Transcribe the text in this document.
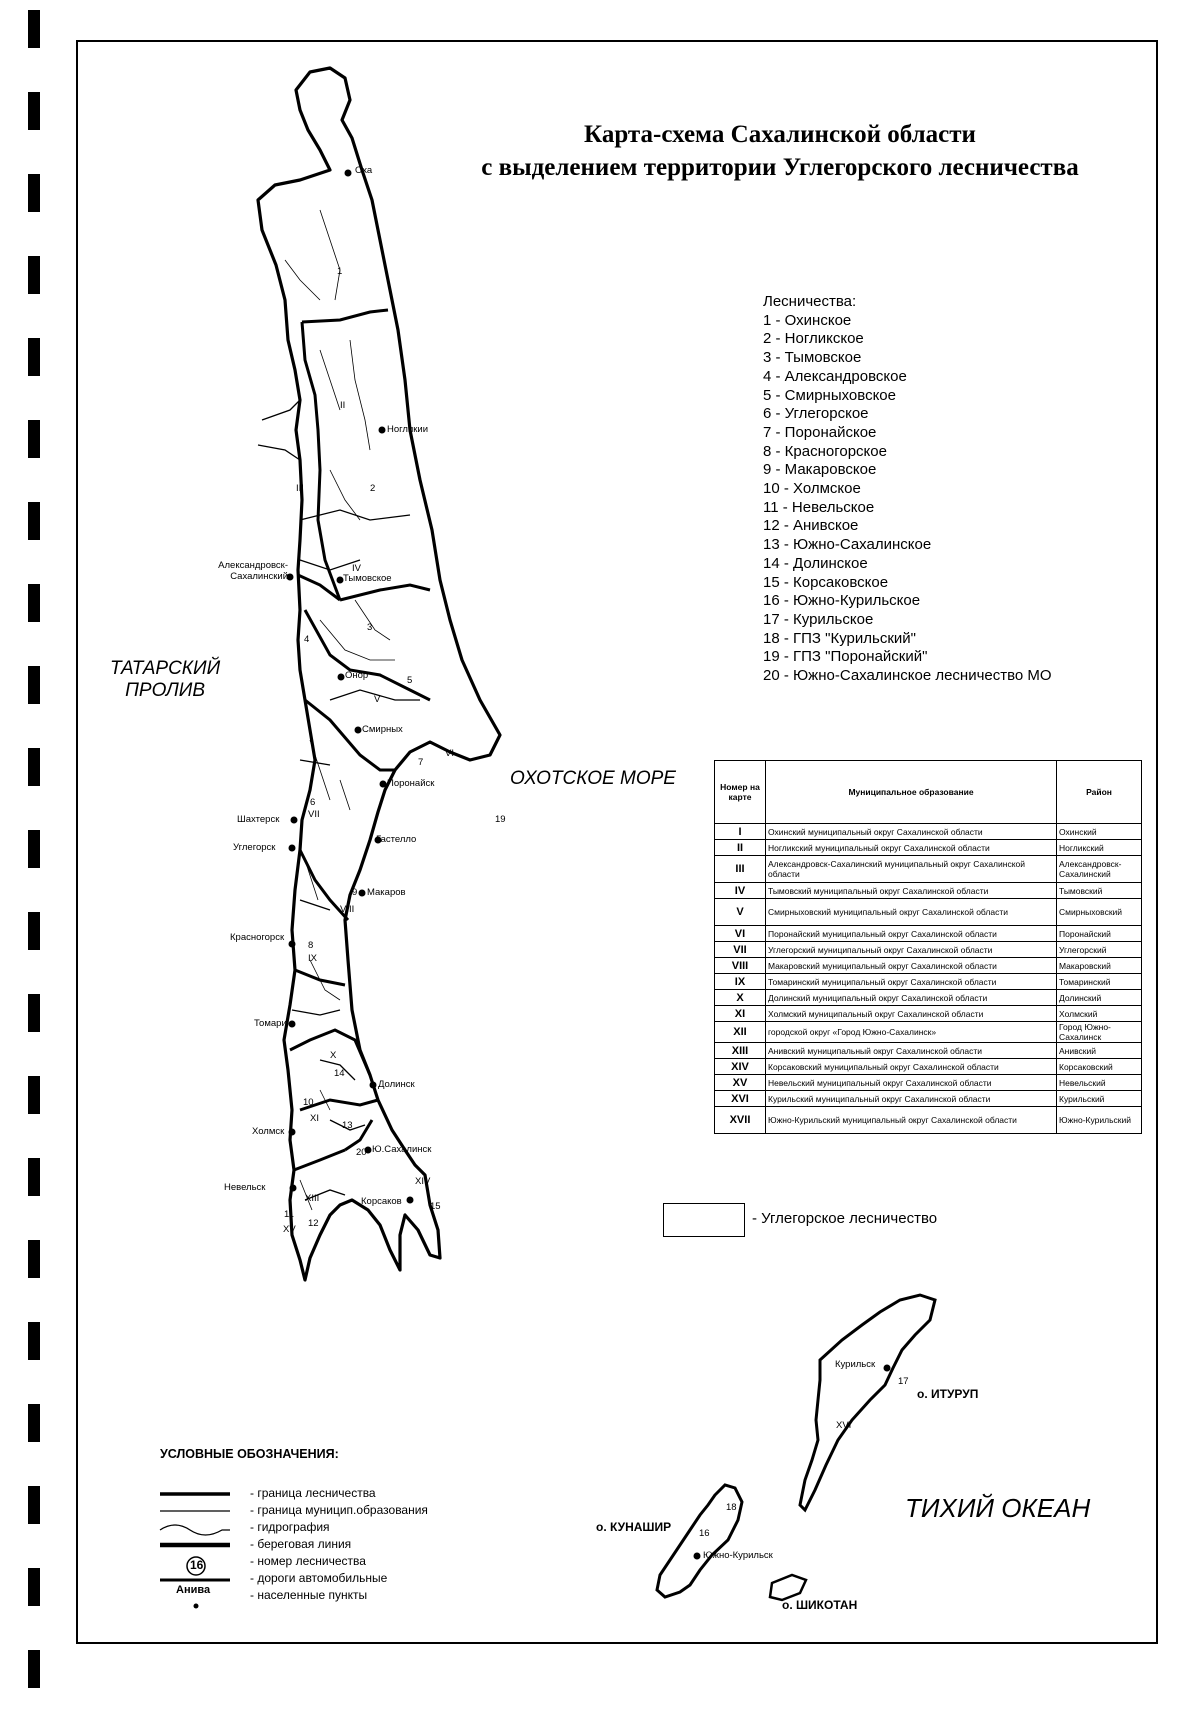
Карта-схема Сахалинской области
с выделением территории Углегорского лесничества
II
III
IV
V
VI
VII
VIII
IX
X
XI
XIII
XIV
XV
XVI
1
2
3
4
5
6
7
8
9
10
11
12
13
14
15
16
17
18
19
20
Оха
Ногликии
Александровск-
Сахалинский	Тымовское
Онор
Смирных
Поронайск
Шахтерск
Углегорск
Гастелло
Макаров
Красногорск
Томари
Долинск
Холмск
Ю.Сахалинск
Невельск
Корсаков
Курильск
Южно-Курильск
ТАТАРСКИЙ
ПРОЛИВ
ОХОТСКОЕ МОРЕ
ТИХИЙ ОКЕАН
о. ИТУРУП
о. КУНАШИР
о. ШИКОТАН
Лесничества:
1 - Охинское
2 - Ногликское
3 - Тымовское
4 - Александровское
5 - Смирныховское
6 - Углегорское
7 - Поронайское
8 - Красногорское
9 - Макаровское
10 - Холмское
11 - Невельское
12 - Анивское
13 - Южно-Сахалинское
14 - Долинское
15 - Корсаковское
16 - Южно-Курильское
17 - Курильское
18 - ГПЗ "Курильский"
19 - ГПЗ "Поронайский"
20 - Южно-Сахалинское лесничество МО
Номер на карте	Муниципальное образование	Район
I	Охинский муниципальный округ Сахалинской области	Охинский
II	Ногликский муниципальный округ Сахалинской области	Ногликский
III	Александровск-Сахалинский муниципальный округ Сахалинской области	Александровск-Сахалинский
IV	Тымовский муниципальный округ Сахалинской области	Тымовский
V	Смирныховский муниципальный округ Сахалинской области	Смирныховский
VI	Поронайский муниципальный округ Сахалинской области	Поронайский
VII	Углегорский муниципальный округ Сахалинской области	Углегорский
VIII	Макаровский муниципальный округ Сахалинской области	Макаровский
IX	Томаринский муниципальный округ Сахалинской области	Томаринский
X	Долинский муниципальный округ Сахалинской области	Долинский
XI	Холмский муниципальный округ Сахалинской области	Холмский
XII	городской округ «Город Южно-Сахалинск»	Город Южно-Сахалинск
XIII	Анивский муниципальный округ Сахалинской области	Анивский
XIV	Корсаковский муниципальный округ Сахалинской области	Корсаковский
XV	Невельский муниципальный округ Сахалинской области	Невельский
XVI	Курильский муниципальный округ Сахалинской области	Курильский
XVII	Южно-Курильский муниципальный округ Сахалинской области	Южно-Курильский
- Углегорское лесничество
УСЛОВНЫЕ ОБОЗНАЧЕНИЯ:
- граница лесничества
- граница муницип.образования
- гидрография
- береговая линия
- номер лесничества
- дороги автомобильные
- населенные пункты
16
Анива
